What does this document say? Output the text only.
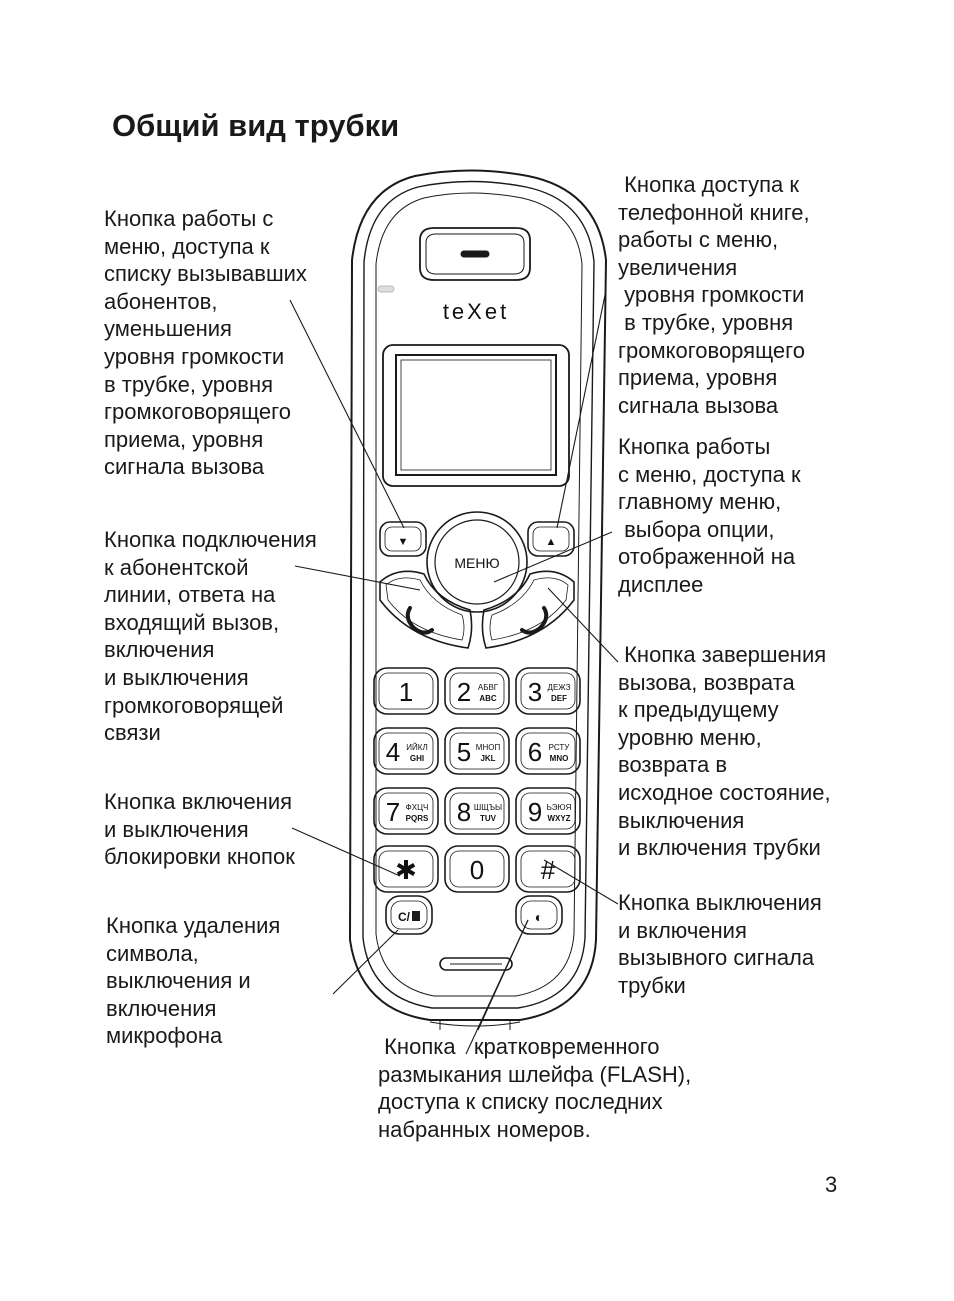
Общий вид трубки
Кнопка работы с
меню, доступа к
списку вызывавших
абонентов,
уменьшения
уровня громкости
в трубке, уровня
громкоговорящего
приема, уровня
сигнала вызова
Кнопка подключения
к абонентской
линии, ответа на
входящий вызов,
включения
и выключения
громкоговорящей
связи
Кнопка включения
и выключения
блокировки кнопок
Кнопка удаления
символа,
выключения и
включения
микрофона
Кнопка доступа к
телефонной книге,
работы с меню,
увеличения
уровня громкости
в трубке, уровня
громкоговорящего
приема, уровня
сигнала вызова
Кнопка работы
с меню, доступа к
главному меню,
выбора опции,
отображенной на
дисплее
Кнопка завершения
вызова, возврата
к предыдущему
уровню меню,
возврата в
исходное состояние,
выключения
и включения трубки
Кнопка выключения
и включения
вызывного сигнала
трубки
Кнопка   кратковременного
размыкания шлейфа (FLASH),
доступа к списку последних
набранных номеров.
teXet
▼	▲
МЕНЮ
1 2 АБВГ
ABC 3 ДЕЖЗ
DEF
4 ИЙКЛ
GHI 5 МНОП
JKL 6 РСТУ
MNO
7 ФХЦЧ
PQRS 8 ШЩЪЫ
TUV 9 ЬЭЮЯ
WXYZ
✱ 0 #
C/	◐
3
